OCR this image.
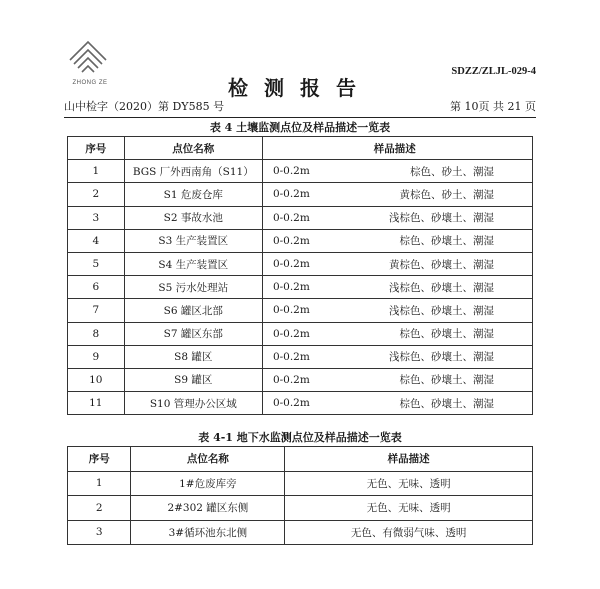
ZHONG ZE
SDZZ/ZLJL-029-4
检测报告
山中检字（2020）第 DY585 号	第 10页 共 21 页
表 4 土壤监测点位及样品描述一览表
序号	点位名称		样品描述
1	BGS 厂外西南角（S11）	0-0.2m	棕色、砂土、潮湿
2	S1 危废仓库	0-0.2m	黄棕色、砂土、潮湿
3	S2 事故水池	0-0.2m	浅棕色、砂壤土、潮湿
4	S3 生产装置区	0-0.2m	棕色、砂壤土、潮湿
5	S4 生产装置区	0-0.2m	黄棕色、砂壤土、潮湿
6	S5 污水处理站	0-0.2m	浅棕色、砂壤土、潮湿
7	S6 罐区北部	0-0.2m	浅棕色、砂壤土、潮湿
8	S7 罐区东部	0-0.2m	棕色、砂壤土、潮湿
9	S8 罐区	0-0.2m	浅棕色、砂壤土、潮湿
10	S9 罐区	0-0.2m	棕色、砂壤土、潮湿
11	S10 管理办公区域	0-0.2m	棕色、砂壤土、潮湿
表 4-1 地下水监测点位及样品描述一览表
序号	点位名称	样品描述
1	1#危废库旁	无色、无味、透明
2	2#302 罐区东侧	无色、无味、透明
3	3#循环池东北侧	无色、有微弱气味、透明
